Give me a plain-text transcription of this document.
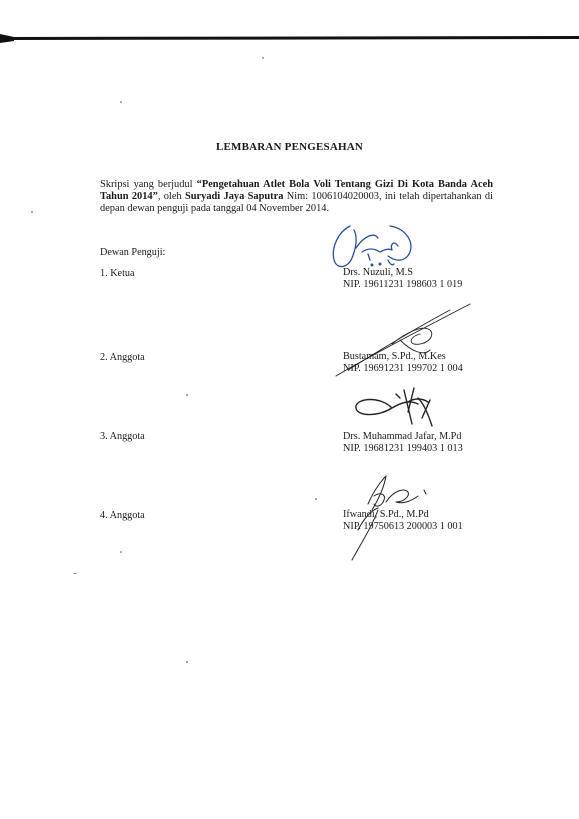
LEMBARAN PENGESAHAN
Skripsi yang berjudul “Pengetahuan Atlet Bola Voli Tentang Gizi Di Kota Banda Aceh Tahun 2014”, oleh Suryadi Jaya Saputra Nim: 1006104020003, ini telah dipertahankan di depan dewan penguji pada tanggal 04 November 2014.
Dewan Penguji:
1. Ketua	Drs. Nuzuli, M.S
NIP. 19611231 198603 1 019
2. Anggota	Bustamam, S.Pd., M.Kes
NIP. 19691231 199702 1 004
3. Anggota	Drs. Muhammad Jafar, M.Pd
NIP. 19681231 199403 1 013
4. Anggota	Ifwandi, S.Pd., M.Pd
NIP. 19750613 200003 1 001
